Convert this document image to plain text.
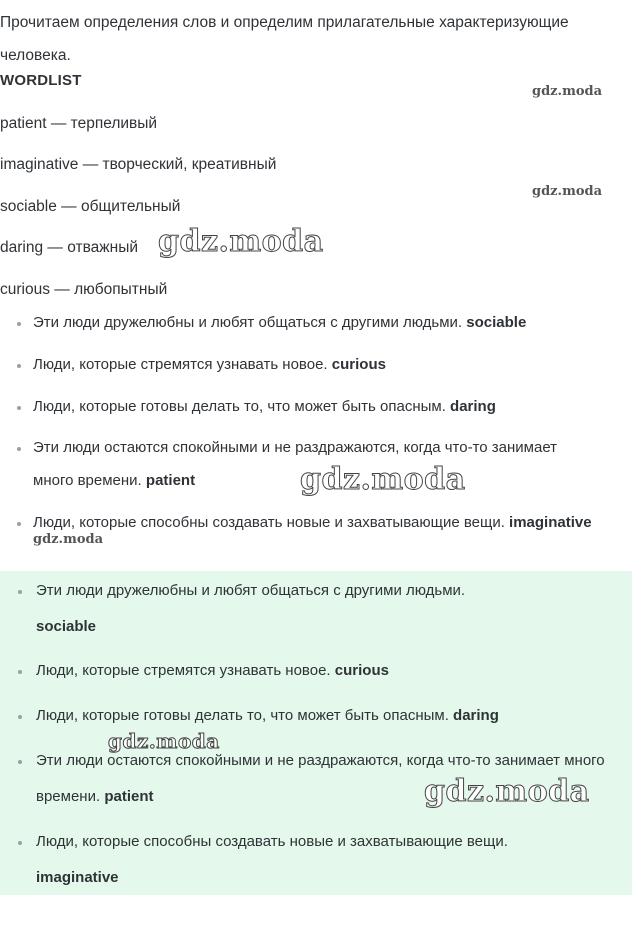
Прочитаем определения слов и определим прилагательные характеризующие человека.
WORDLIST
patient — терпеливый
imaginative — творческий, креативный
sociable — общительный
daring — отважный
curious — любопытный
Эти люди дружелюбны и любят общаться с другими людьми. sociable
Люди, которые стремятся узнавать новое. curious
Люди, которые готовы делать то, что может быть опасным. daring
Эти люди остаются спокойными и не раздражаются, когда что-то занимает много времени. patient
Люди, которые способны создавать новые и захватывающие вещи. imaginative
Эти люди дружелюбны и любят общаться с другими людьми.
sociable
Люди, которые стремятся узнавать новое. curious
Люди, которые готовы делать то, что может быть опасным. daring
Эти люди остаются спокойными и не раздражаются, когда что-то занимает много времени. patient
Люди, которые способны создавать новые и захватывающие вещи.
imaginative
gdz.moda
gdz.moda
gdz.moda
gdz.moda
gdz.moda
gdz.moda
gdz.moda
